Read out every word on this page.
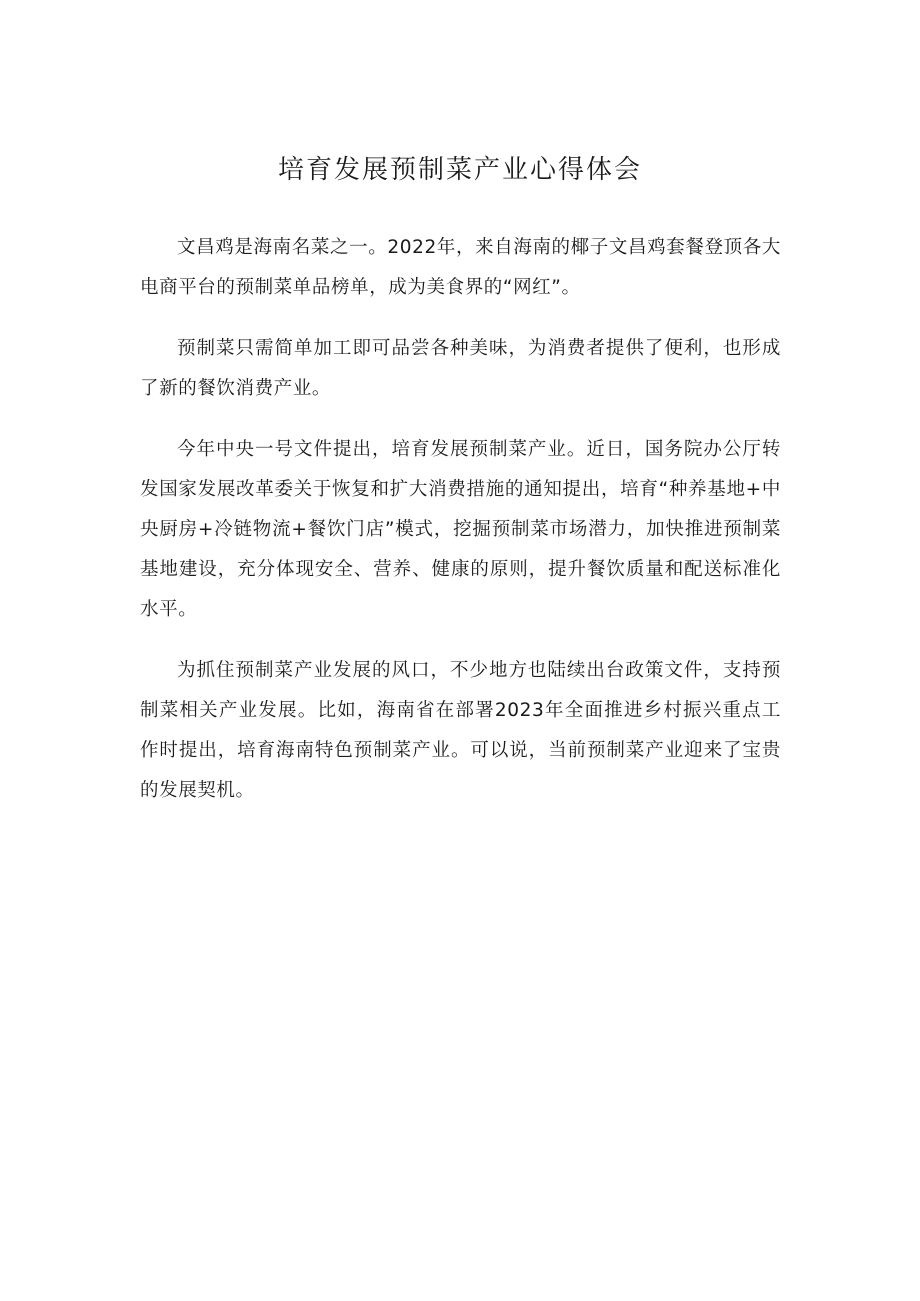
培育发展预制菜产业心得体会

文昌鸡是海南名菜之一。2022年，来自海南的椰子文昌鸡套餐登顶各大电商平台的预制菜单品榜单，成为美食界的“网红”。

预制菜只需简单加工即可品尝各种美味，为消费者提供了便利，也形成了新的餐饮消费产业。

今年中央一号文件提出，培育发展预制菜产业。近日，国务院办公厅转发国家发展改革委关于恢复和扩大消费措施的通知提出，培育“种养基地+中央厨房+冷链物流+餐饮门店”模式，挖掘预制菜市场潜力，加快推进预制菜基地建设，充分体现安全、营养、健康的原则，提升餐饮质量和配送标准化水平。

为抓住预制菜产业发展的风口，不少地方也陆续出台政策文件，支持预制菜相关产业发展。比如，海南省在部署2023年全面推进乡村振兴重点工作时提出，培育海南特色预制菜产业。可以说，当前预制菜产业迎来了宝贵的发展契机。
